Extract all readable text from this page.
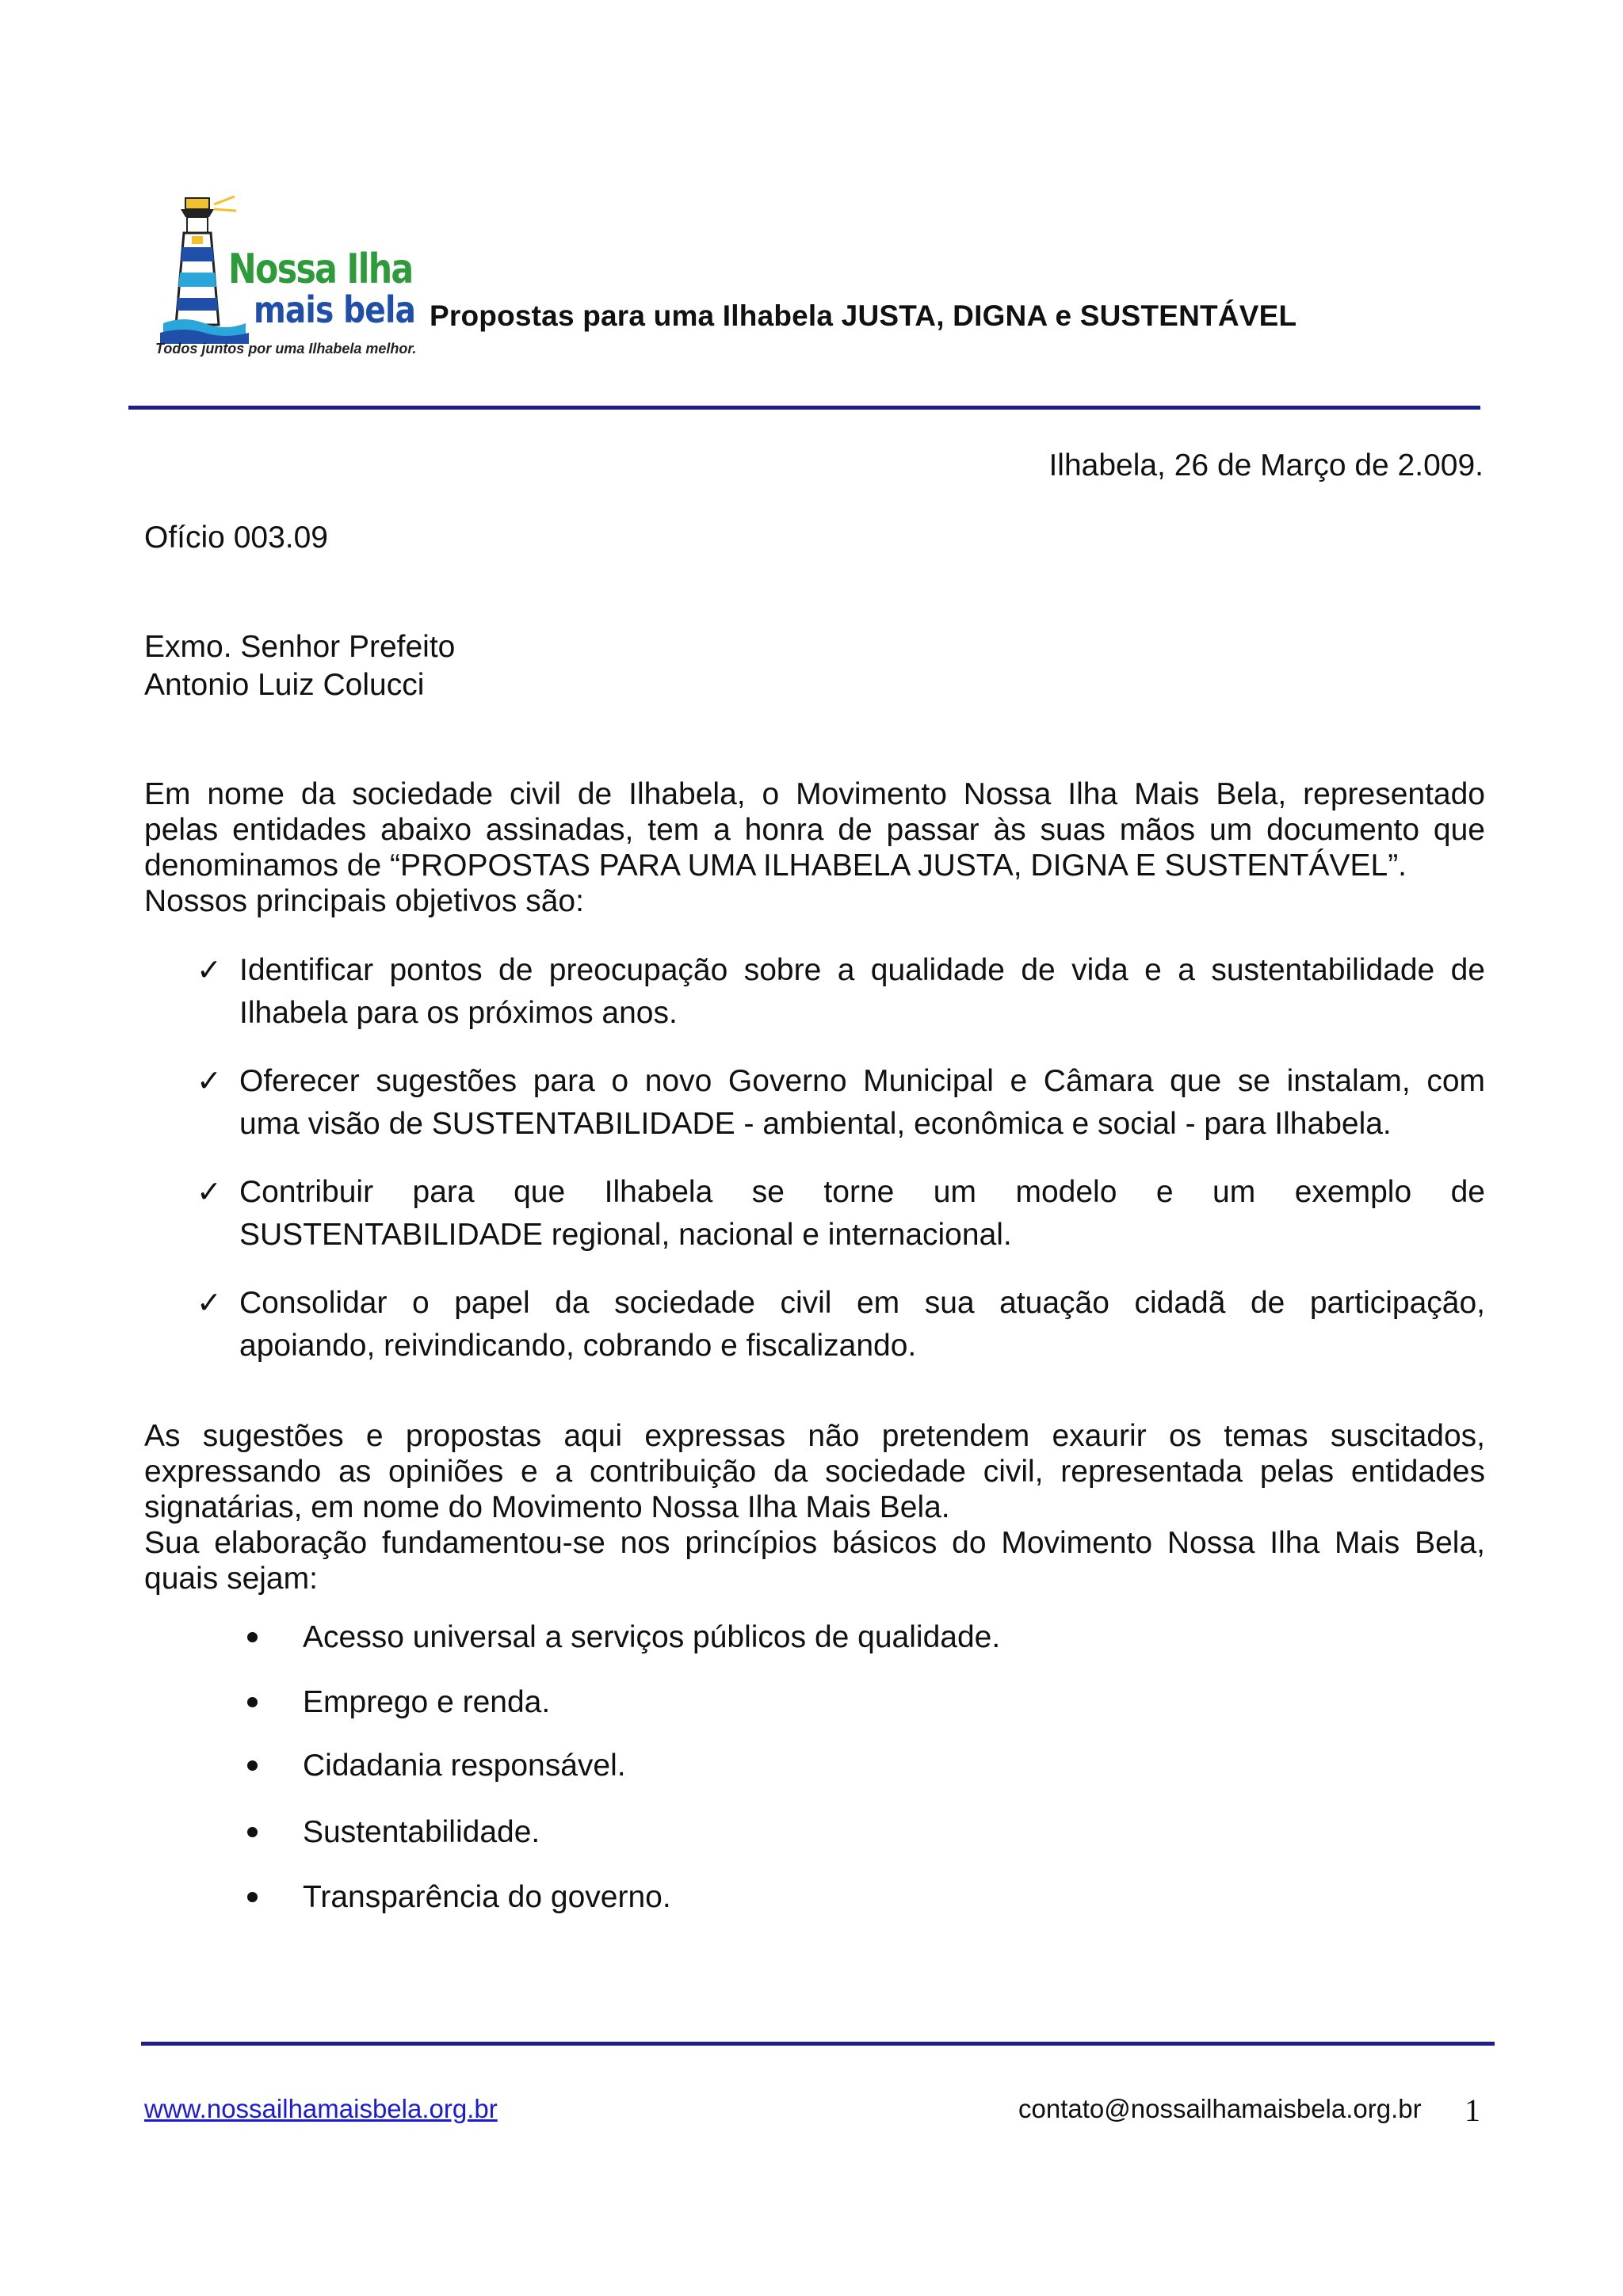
Nossa Ilha
mais bela
Todos juntos por uma Ilhabela melhor.
Propostas para uma Ilhabela JUSTA, DIGNA e SUSTENTÁVEL
Ilhabela, 26 de Março de 2.009.
Ofício 003.09
Exmo. Senhor Prefeito
Antonio Luiz Colucci
Em nome da sociedade civil de Ilhabela, o Movimento Nossa Ilha Mais Bela, representado
pelas entidades abaixo assinadas, tem a honra de passar às suas mãos um documento que
denominamos de “PROPOSTAS PARA UMA ILHABELA JUSTA, DIGNA E SUSTENTÁVEL”.
Nossos principais objetivos são:
✓ Identificar pontos de preocupação sobre a qualidade de vida e a sustentabilidade de
Ilhabela para os próximos anos.
✓ Oferecer sugestões para o novo Governo Municipal e Câmara que se instalam, com
uma visão de SUSTENTABILIDADE - ambiental, econômica e social - para Ilhabela.
✓ Contribuir para que Ilhabela se torne um modelo e um exemplo de
SUSTENTABILIDADE regional, nacional e internacional.
✓ Consolidar o papel da sociedade civil em sua atuação cidadã de participação,
apoiando, reivindicando, cobrando e fiscalizando.
As sugestões e propostas aqui expressas não pretendem exaurir os temas suscitados,
expressando as opiniões e a contribuição da sociedade civil, representada pelas entidades
signatárias, em nome do Movimento Nossa Ilha Mais Bela.
Sua elaboração fundamentou-se nos princípios básicos do Movimento Nossa Ilha Mais Bela,
quais sejam:
Acesso universal a serviços públicos de qualidade.
Emprego e renda.
Cidadania responsável.
Sustentabilidade.
Transparência do governo.
www.nossailhamaisbela.org.br	contato@nossailhamaisbela.org.br 1
